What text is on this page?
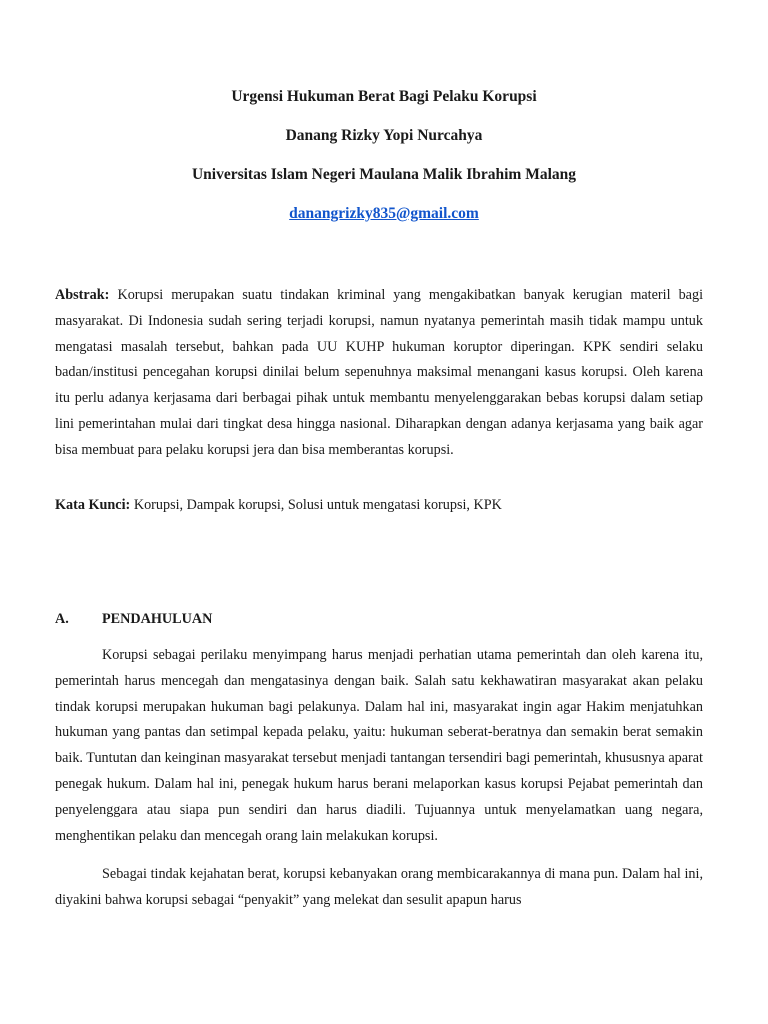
Urgensi Hukuman Berat Bagi Pelaku Korupsi
Danang Rizky Yopi Nurcahya
Universitas Islam Negeri Maulana Malik Ibrahim Malang
danangrizky835@gmail.com

Abstrak: Korupsi merupakan suatu tindakan kriminal yang mengakibatkan banyak kerugian materil bagi masyarakat. Di Indonesia sudah sering terjadi korupsi, namun nyatanya pemerintah masih tidak mampu untuk mengatasi masalah tersebut, bahkan pada UU KUHP hukuman koruptor diperingan. KPK sendiri selaku badan/institusi pencegahan korupsi dinilai belum sepenuhnya maksimal menangani kasus korupsi. Oleh karena itu perlu adanya kerjasama dari berbagai pihak untuk membantu menyelenggarakan bebas korupsi dalam setiap lini pemerintahan mulai dari tingkat desa hingga nasional. Diharapkan dengan adanya kerjasama yang baik agar bisa membuat para pelaku korupsi jera dan bisa memberantas korupsi.

Kata Kunci: Korupsi, Dampak korupsi, Solusi untuk mengatasi korupsi, KPK

A. PENDAHULUAN

Korupsi sebagai perilaku menyimpang harus menjadi perhatian utama pemerintah dan oleh karena itu, pemerintah harus mencegah dan mengatasinya dengan baik. Salah satu kekhawatiran masyarakat akan pelaku tindak korupsi merupakan hukuman bagi pelakunya. Dalam hal ini, masyarakat ingin agar Hakim menjatuhkan hukuman yang pantas dan setimpal kepada pelaku, yaitu: hukuman seberat-beratnya dan semakin berat semakin baik. Tuntutan dan keinginan masyarakat tersebut menjadi tantangan tersendiri bagi pemerintah, khususnya aparat penegak hukum. Dalam hal ini, penegak hukum harus berani melaporkan kasus korupsi Pejabat pemerintah dan penyelenggara atau siapa pun sendiri dan harus diadili. Tujuannya untuk menyelamatkan uang negara, menghentikan pelaku dan mencegah orang lain melakukan korupsi.

Sebagai tindak kejahatan berat, korupsi kebanyakan orang membicarakannya di mana pun. Dalam hal ini, diyakini bahwa korupsi sebagai “penyakit” yang melekat dan sesulit apapun harus
